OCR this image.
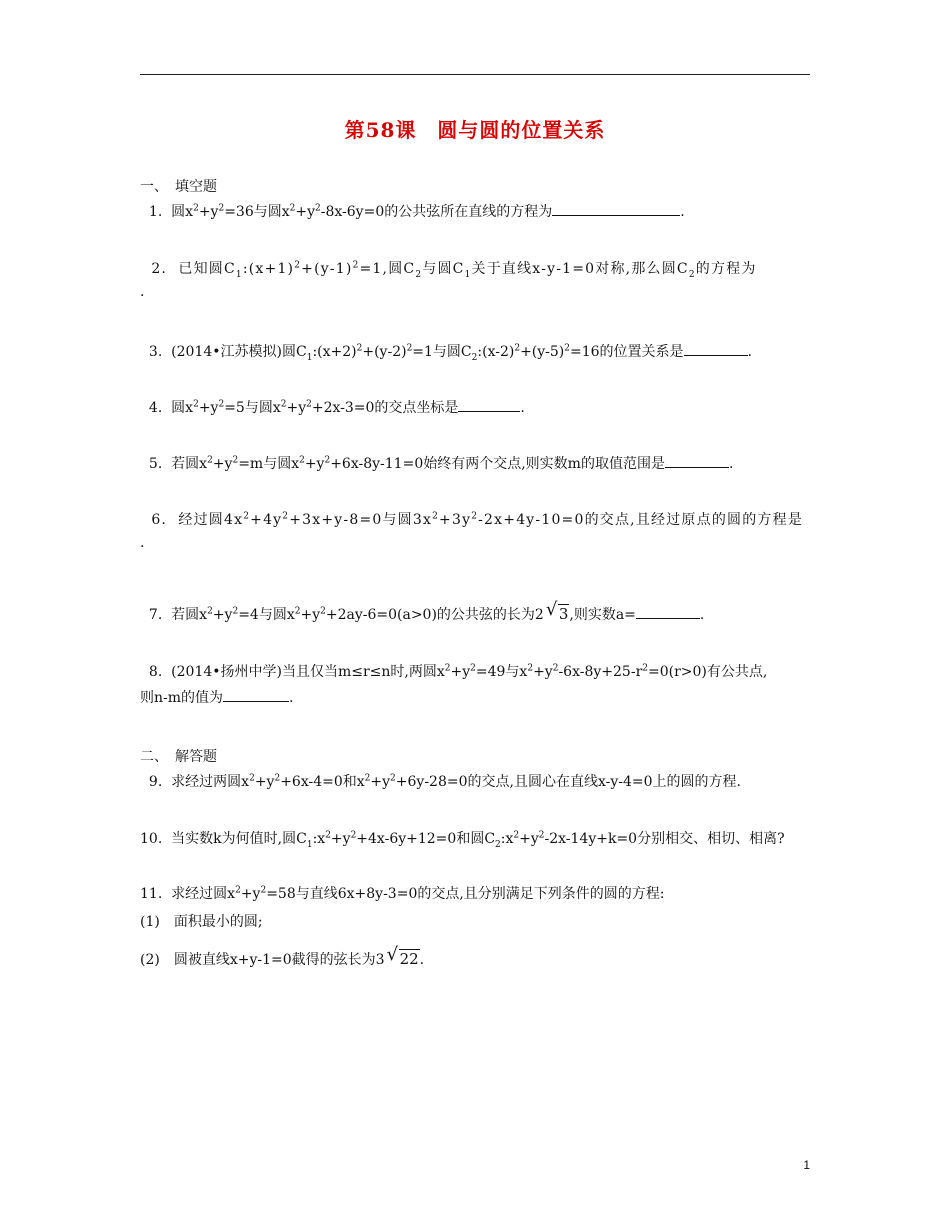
第58课　圆与圆的位置关系
一、　填空题
1. 圆$x^2+y^2=36$与圆$x^2+y^2-8x-6y=0$的公共弦所在直线的方程为	.
2. 已知圆$C_1:(x+1)^2+(y-1)^2=1$,圆$C_2$与圆$C_1$关于直线x-y-1=0对称,那么圆$C_2$的方程为
.
3. (2014•江苏模拟)圆$C_1:(x+2)^2+(y-2)^2=1$与圆$C_2:(x-2)^2+(y-5)^2=16$的位置关系是	.
4. 圆$x^2+y^2=5$与圆$x^2+y^2+2x-3=0$的交点坐标是	.
5. 若圆$x^2+y^2=m$与圆$x^2+y^2+6x-8y-11=0$始终有两个交点,则实数m的取值范围是	.
6. 经过圆$4x^2+4y^2+3x+y-8=0$与圆$3x^2+3y^2-2x+4y-10=0$的交点,且经过原点的圆的方程是
.
7. 若圆$x^2+y^2=4$与圆$x^2+y^2+2ay-6=0(a>0)$的公共弦的长为2 √ 3,则实数a=	.
8. (2014•扬州中学)当且仅当m≤r≤n时,两圆$x^2+y^2=49$与$x^2+y^2-6x-8y+25-r^2=0(r>0)$有公共点,
则n-m的值为	.
二、　解答题
9. 求经过两圆$x^2+y^2+6x-4=0$和$x^2+y^2+6y-28=0$的交点,且圆心在直线x-y-4=0上的圆的方程.
10. 当实数k为何值时,圆$C_1:x^2+y^2+4x-6y+12=0$和圆$C_2:x^2+y^2-2x-14y+k=0$分别相交、相切、相离?
11. 求经过圆$x^2+y^2=58$与直线6x+8y-3=0的交点,且分别满足下列条件的圆的方程:
(1)　面积最小的圆;
(2)　圆被直线x+y-1=0截得的弦长为3 √ 22.
1
